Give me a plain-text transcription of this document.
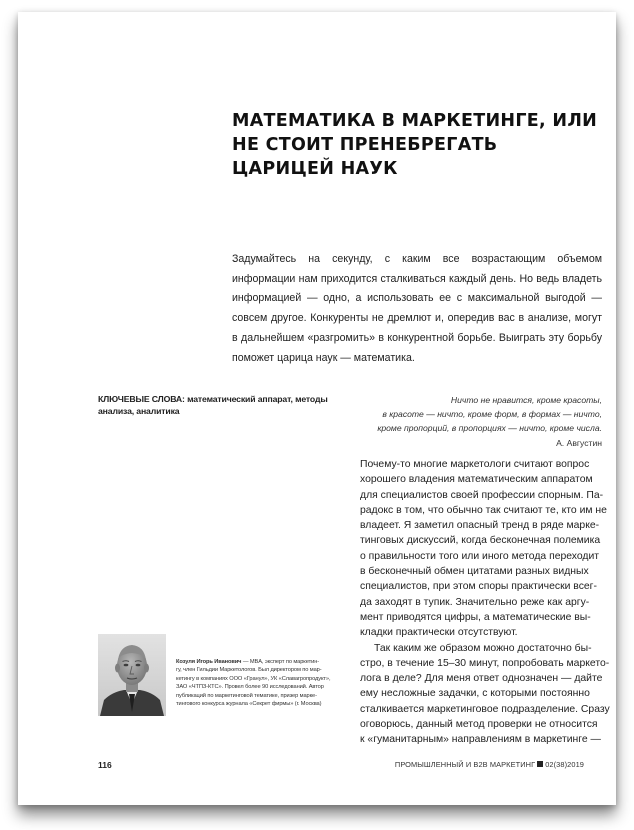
МАТЕМАТИКА В МАРКЕТИНГЕ, ИЛИ НЕ СТОИТ ПРЕНЕБРЕГАТЬ ЦАРИЦЕЙ НАУК

Задумайтесь на секунду, с каким все возрастающим объемом информации нам приходится сталкиваться каждый день. Но ведь владеть информацией — одно, а использовать ее с максимальной выгодой — совсем другое. Конкуренты не дремлют и, опередив вас в анализе, могут в дальнейшем «разгромить» в конкурентной борьбе. Выиграть эту борьбу поможет царица наук — математика.

КЛЮЧЕВЫЕ СЛОВА: математический аппарат, методы анализа, аналитика

Ничто не нравится, кроме красоты,
в красоте — ничто, кроме форм, в формах — ничто,
кроме пропорций, в пропорциях — ничто, кроме числа.
А. Августин
Почему-то многие маркетологи считают вопрос
хорошего владения математическим аппаратом
для специалистов своей профессии спорным. Па-
радокс в том, что обычно так считают те, кто им не
владеет. Я заметил опасный тренд в ряде марке-
тинговых дискуссий, когда бесконечная полемика
о правильности того или иного метода переходит
в бесконечный обмен цитатами разных видных
специалистов, при этом споры практически всег-
да заходят в тупик. Значительно реже как аргу-
мент приводятся цифры, а математические вы-
кладки практически отсутствуют.
Так каким же образом можно достаточно бы-
стро, в течение 15–30 минут, попробовать маркето-
лога в деле? Для меня ответ однозначен — дайте
ему несложные задачки, с которыми постоянно
сталкивается маркетинговое подразделение. Сразу
оговорюсь, данный метод проверки не относится
к «гуманитарным» направлениям в маркетинге —
Козуля Игорь Иванович — MBA, эксперт по маркетин-
гу, член Гильдии Маркетологов. Был директором по мар-
кетингу в компаниях ООО «Гранул», УК «Славагропродукт»,
ЗАО «ЧТПЗ-КТС». Провел более 90 исследований. Автор
публикаций по маркетинговой тематике, призер марке-
тингового конкурса журнала «Секрет фирмы» (г. Москва)
116	ПРОМЫШЛЕННЫЙ И B2B МАРКЕТИНГ 02(38)2019
